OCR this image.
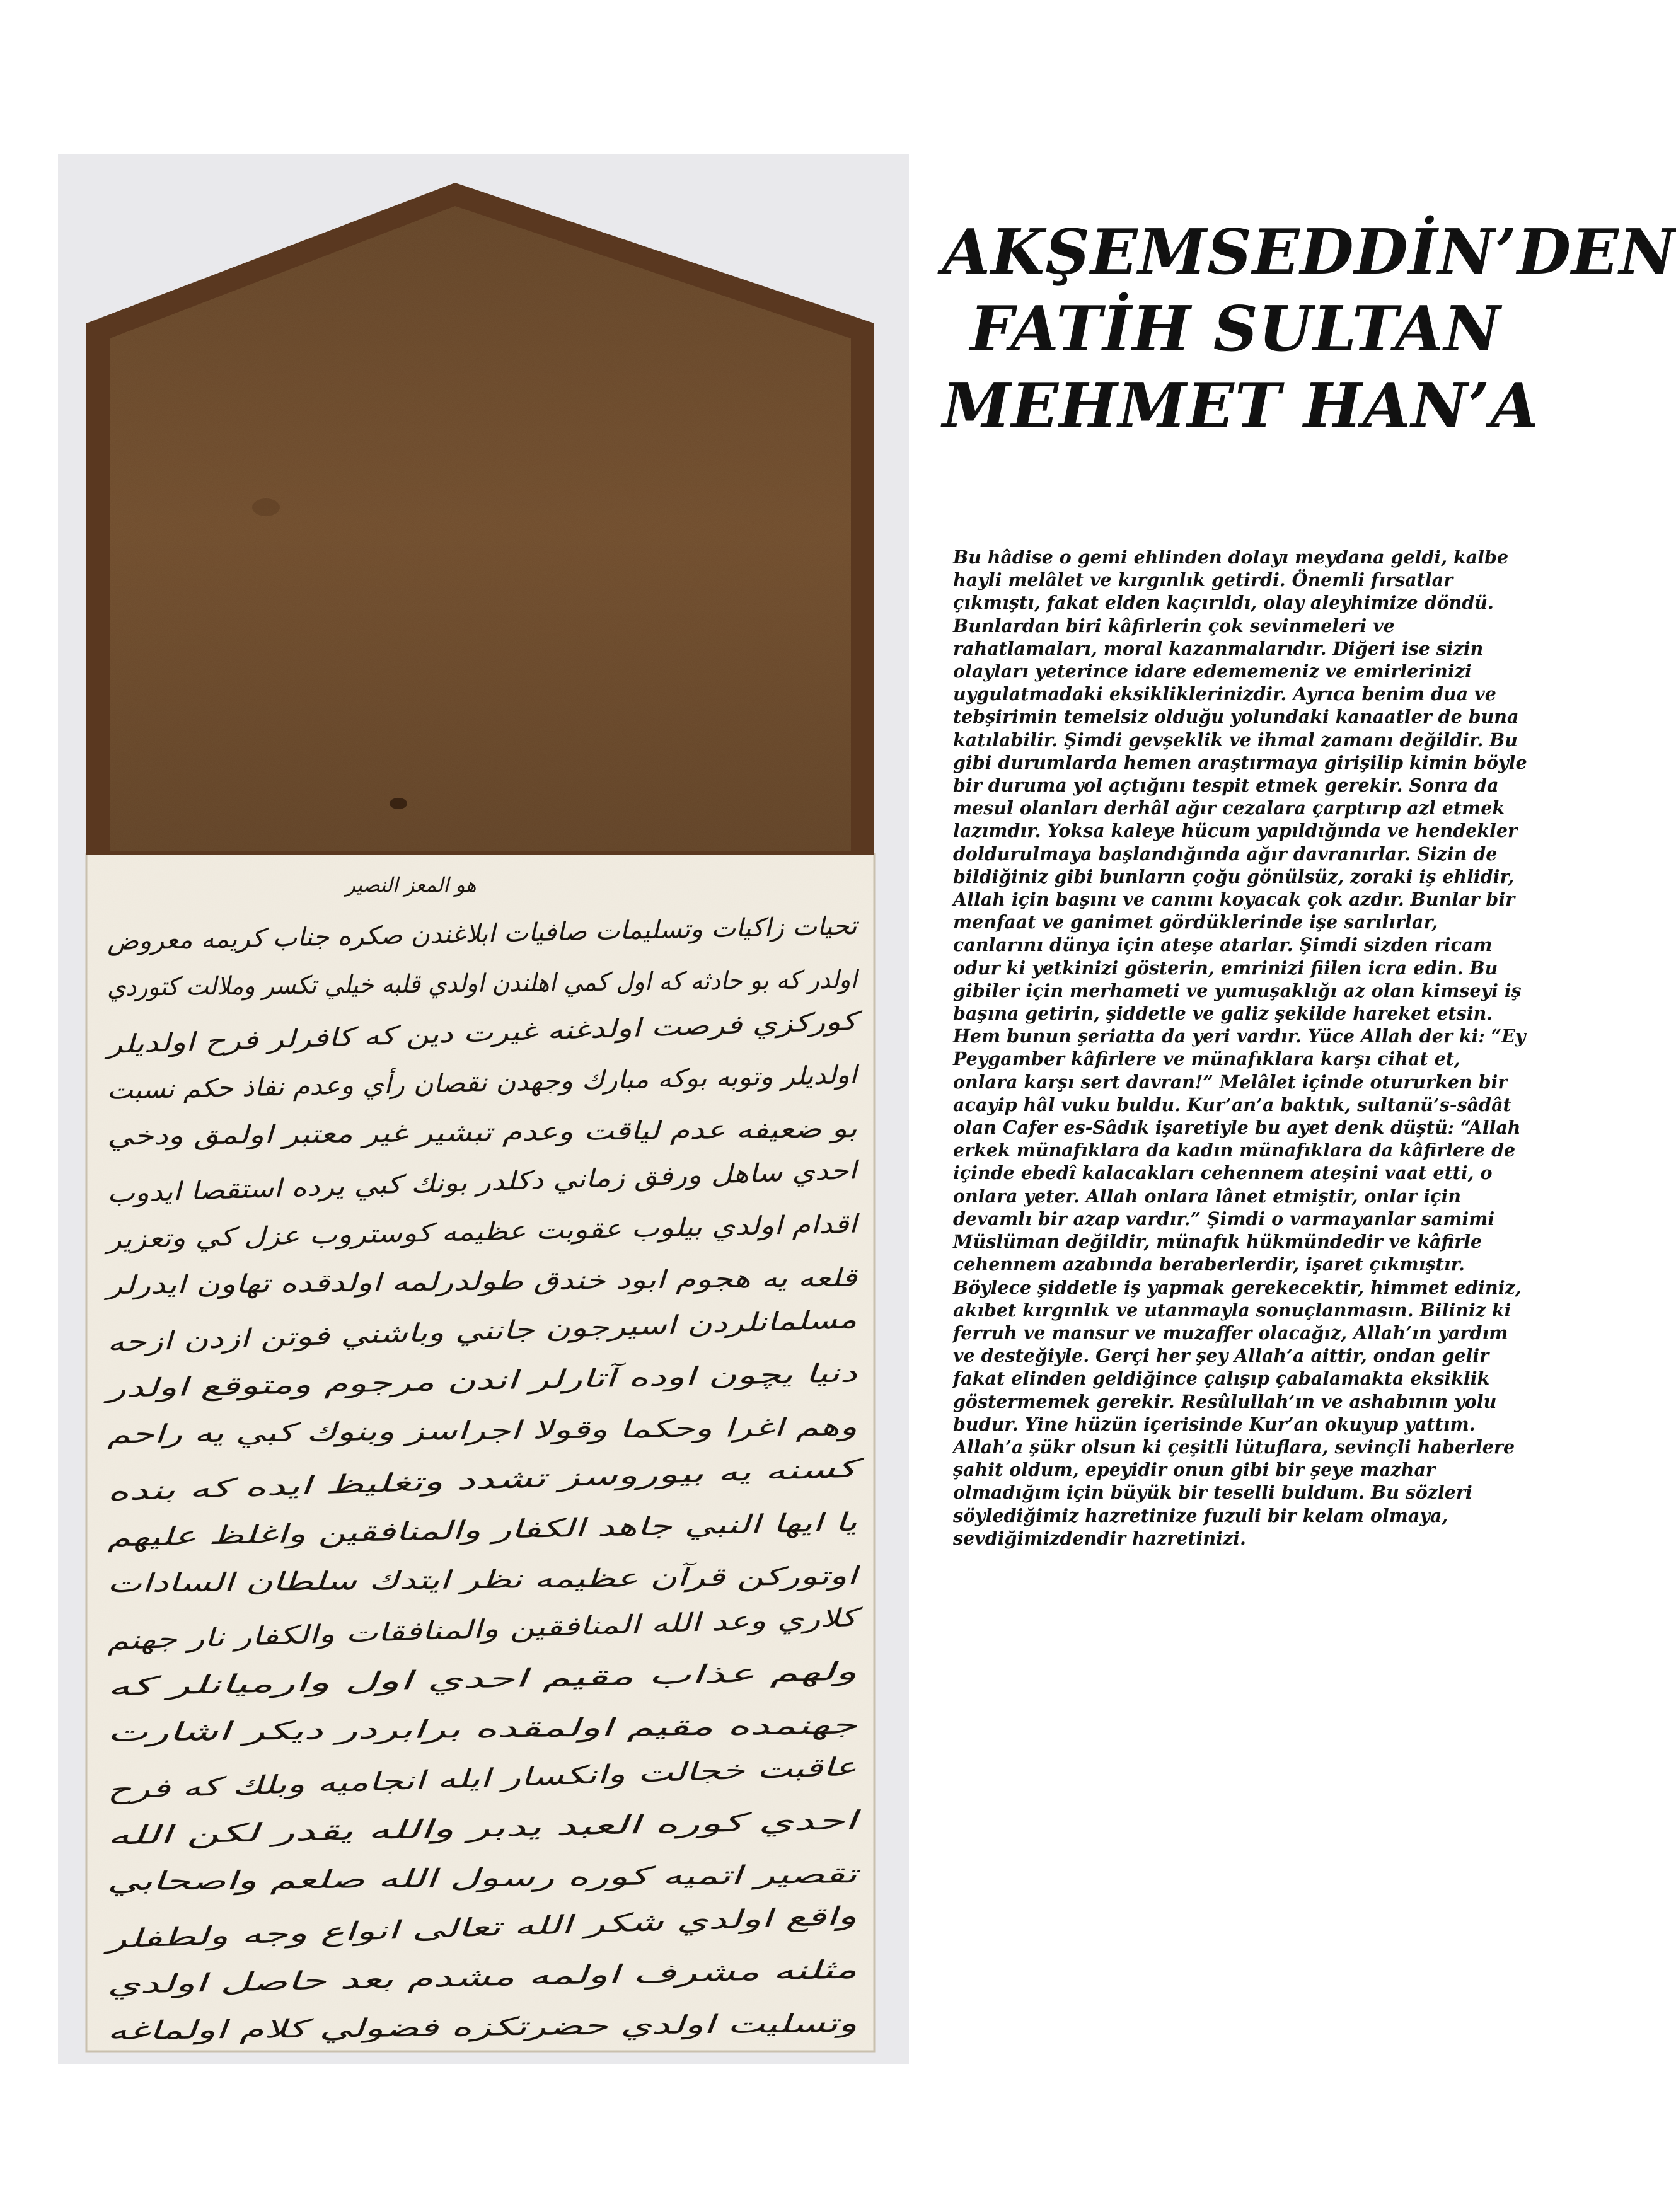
هو المعز النصير
تحيات زاكيات وتسليمات صافيات ابلاغندن صكره جناب كريمه معروض
اولدر كه بو حادثه كه اول كمي اهلندن اولدي قلبه خيلي تكسر وملالت كتوردي
كوركزي فرصت اولدغنه غيرت دين كه كافرلر فرح اولديلر
اولديلر وتوبه بوكه مبارك وجهدن نقصان رأي وعدم نفاذ حكم نسبت
بو ضعيفه عدم لياقت وعدم تبشير غير معتبر اولمق ودخي
احدي ساهل ورفق زماني دكلدر بونك كبي يرده استقصا ايدوب
اقدام اولدي بيلوب عقوبت عظيمه كوستروب عزل كي وتعزير
قلعه يه هجوم ابود خندق طولدرلمه اولدقده تهاون ايدرلر
مسلمانلردن اسيرجون جانني وباشني فوتن ازدن ازحه
دنيا يچون اوده آتارلر اندن مرجوم ومتوقع اولدر
وهم اغرا وحكما وقولا اجراسز وبنوك كبي يه راحم
كسنه يه بيوروسز تشدد وتغليظ ايده كه بنده
يا ايها النبي جاهد الكفار والمنافقين واغلظ عليهم
اوتوركن قرآن عظيمه نظر ايتدك سلطان السادات
كلاري وعد الله المنافقين والمنافقات والكفار نار جهنم
ولهم عذاب مقيم احدي اول وارميانلر كه
جهنمده مقيم اولمقده برابردر ديكر اشارت
عاقبت خجالت وانكسار ايله انجاميه وبلك كه فرح
احدي كوره العبد يدبر والله يقدر لكن الله
تقصير اتميه كوره رسول الله صلعم واصحابي
واقع اولدي شكر الله تعالى انواع وجه ولطفلر
مثلنه مشرف اولمه مشدم بعد حاصل اولدي
وتسليت اولدي حضرتكزه فضولي كلام اولماغه
AKŞEMSEDDİN’DEN
FATİH SULTAN
MEHMET HAN’A

Bu hâdise o gemi ehlinden dolayı meydana geldi, kalbe hayli melâlet ve kırgınlık getirdi. Önemli fırsatlar çıkmıştı, fakat elden kaçırıldı, olay aleyhimize döndü. Bunlardan biri kâfirlerin çok sevinmeleri ve rahatlamaları, moral kazanmalarıdır. Diğeri ise sizin olayları yeterince idare edememeniz ve emirlerinizi uygulatmadaki eksikliklerinizdir. Ayrıca benim dua ve tebşirimin temelsiz olduğu yolundaki kanaatler de buna katılabilir. Şimdi gevşeklik ve ihmal zamanı değildir. Bu gibi durumlarda hemen araştırmaya girişilip kimin böyle bir duruma yol açtığını tespit etmek gerekir. Sonra da mesul olanları derhâl ağır cezalara çarptırıp azl etmek lazımdır. Yoksa kaleye hücum yapıldığında ve hendekler doldurulmaya başlandığında ağır davranırlar. Sizin de bildiğiniz gibi bunların çoğu gönülsüz, zoraki iş ehlidir, Allah için başını ve canını koyacak çok azdır. Bunlar bir menfaat ve ganimet gördüklerinde işe sarılırlar, canlarını dünya için ateşe atarlar. Şimdi sizden ricam odur ki yetkinizi gösterin, emrinizi fiilen icra edin. Bu gibiler için merhameti ve yumuşaklığı az olan kimseyi iş başına getirin, şiddetle ve galiz şekilde hareket etsin. Hem bunun şeriatta da yeri vardır. Yüce Allah der ki: “Ey Peygamber kâfirlere ve münafıklara karşı cihat et, onlara karşı sert davran!” Melâlet içinde otururken bir acayip hâl vuku buldu. Kur’an’a baktık, sultanü’s-sâdât olan Cafer es-Sâdık işaretiyle bu ayet denk düştü: “Allah erkek münafıklara da kadın münafıklara da kâfirlere de içinde ebedî kalacakları cehennem ateşini vaat etti, o onlara yeter. Allah onlara lânet etmiştir, onlar için devamlı bir azap vardır.” Şimdi o varmayanlar samimi Müslüman değildir, münafık hükmündedir ve kâfirle cehennem azabında beraberlerdir, işaret çıkmıştır. Böylece şiddetle iş yapmak gerekecektir, himmet ediniz, akıbet kırgınlık ve utanmayla sonuçlanmasın. Biliniz ki ferruh ve mansur ve muzaffer olacağız, Allah’ın yardım ve desteğiyle. Gerçi her şey Allah’a aittir, ondan gelir fakat elinden geldiğince çalışıp çabalamakta eksiklik göstermemek gerekir. Resûlullah’ın ve ashabının yolu budur. Yine hüzün içerisinde Kur’an okuyup yattım. Allah’a şükr olsun ki çeşitli lütuflara, sevinçli haberlere şahit oldum, epeyidir onun gibi bir şeye mazhar olmadığım için büyük bir teselli buldum. Bu sözleri söylediğimiz hazretinize fuzuli bir kelam olmaya, sevdiğimizdendir hazretinizi.
